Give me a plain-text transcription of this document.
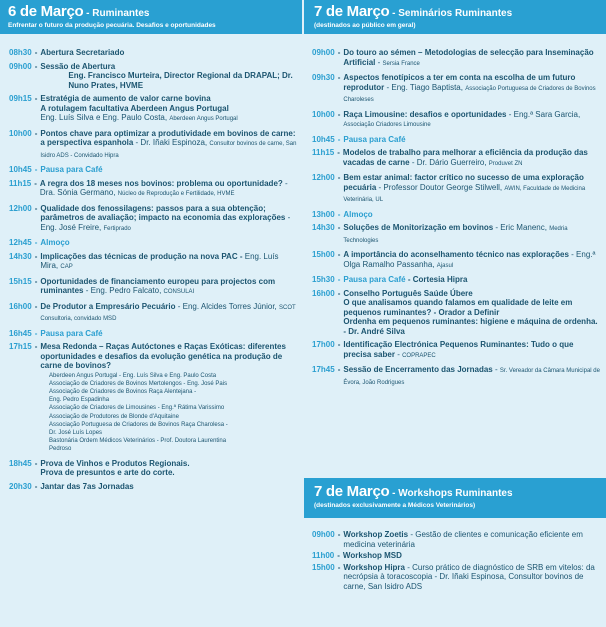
6 de Março - Ruminantes
Enfrentar o futuro da produção pecuária. Desafios e oportunidades
08h30 - Abertura Secretariado
09h00 - Sessão de Abertura
Eng. Francisco Murteira, Director Regional da DRAPAL; Dr. Nuno Prates, HVME
09h15 - Estratégia de aumento de valor carne bovina
A rotulagem facultativa Aberdeen Angus Portugal
Eng. Luís Silva e Eng. Paulo Costa, Aberdeen Angus Portugal
10h00 - Pontos chave para optimizar a produtividade em bovinos de carne: a perspectiva espanhola - Dr. Iñaki Espinoza, Consultor bovinos de carne, San Isidro ADS - Convidado Hipra
10h45 - Pausa para Café
11h15 - A regra dos 18 meses nos bovinos: problema ou oportunidade? - Dra. Sónia Germano, Núcleo de Reprodução e Fertilidade, HVME
12h00 - Qualidade dos fenossilagens: passos para a sua obtenção; parâmetros de avaliação; impacto na economia das explorações - Eng. José Freire, Fertiprado
12h45 - Almoço
14h30 - Implicações das técnicas de produção na nova PAC - Eng. Luís Mira, CAP
15h15 - Oportunidades de financiamento europeu para projectos com ruminantes - Eng. Pedro Falcato, CONSULAI
16h00 - De Produtor a Empresário Pecuário - Eng. Alcides Torres Júnior, SCOT Consultoria, convidado MSD
16h45 - Pausa para Café
17h15 - Mesa Redonda – Raças Autóctones e Raças Exóticas: diferentes oportunidades e desafios da evolução genética na produção de carne de bovinos?
Aberdeen Angus Portugal - Eng. Luís Silva e Eng. Paulo Costa
Associação de Criadores de Bovinos Mertolengos - Eng. José Pais
Associação de Criadores de Bovinos Raça Alentejana -
Eng. Pedro Espadinha
Associação de Criadores de Limousines - Eng.ª Rátima Varissimo
Associação de Produtores de Blonde d'Aquitaine
Associação Portuguesa de Criadores de Bovinos Raça Charolesa -
Dr. José Luís Lopes
Bastonária Ordem Médicos Veterinários - Prof. Doutora Laurentina
Pedroso
18h45 - Prova de Vinhos e Produtos Regionais.
Prova de presuntos e arte do corte.
20h30 - Jantar das 7as Jornadas
7 de Março - Seminários Ruminantes
(destinados ao público em geral)
09h00 - Do touro ao sémen – Metodologias de selecção para Inseminação Artificial - Sersia France
09h30 - Aspectos fenotípicos a ter em conta na escolha de um futuro reprodutor - Eng. Tiago Baptista, Associação Portuguesa de Criadores de Bovinos Charoleses
10h00 - Raça Limousine: desafios e oportunidades - Eng.ª Sara Garcia, Associação Criadores Limousine
10h45 - Pausa para Café
11h15 - Modelos de trabalho para melhorar a eficiência da produção das vacadas de carne - Dr. Dário Guerreiro, Produvet ZN
12h00 - Bem estar animal: factor crítico no sucesso de uma exploração pecuária - Professor Doutor George Stilwell, AWIN, Faculdade de Medicina Veterinária, UL
13h00 - Almoço
14h30 - Soluções de Monitorização em bovinos - Eric Manenc, Medria Technologies
15h00 - A importância do aconselhamento técnico nas explorações - Eng.ª Olga Ramalho Passanha, Ajasul
15h30 - Pausa para Café - Cortesia Hipra
16h00 - Conselho Português Saúde Úbere
O que analisamos quando falamos em qualidade de leite em pequenos ruminantes? - Orador a Definir
Ordenha em pequenos ruminantes: higiene e máquina de ordenha. - Dr. André Silva
17h00 - Identificação Electrónica Pequenos Ruminantes: Tudo o que precisa saber - COPRAPEC
17h45 - Sessão de Encerramento das Jornadas - Sr. Vereador da Câmara Municipal de Évora, João Rodrigues
7 de Março - Workshops Ruminantes
(destinados exclusivamente a Médicos Veterinários)
09h00 - Workshop Zoetis - Gestão de clientes e comunicação eficiente em medicina veterinária
11h00 - Workshop MSD
15h00 - Workshop Hipra - Curso prático de diagnóstico de SRB em vitelos: da necrópsia à toracoscopia - Dr. Iñaki Espinosa, Consultor bovinos de carne, San Isidro ADS
